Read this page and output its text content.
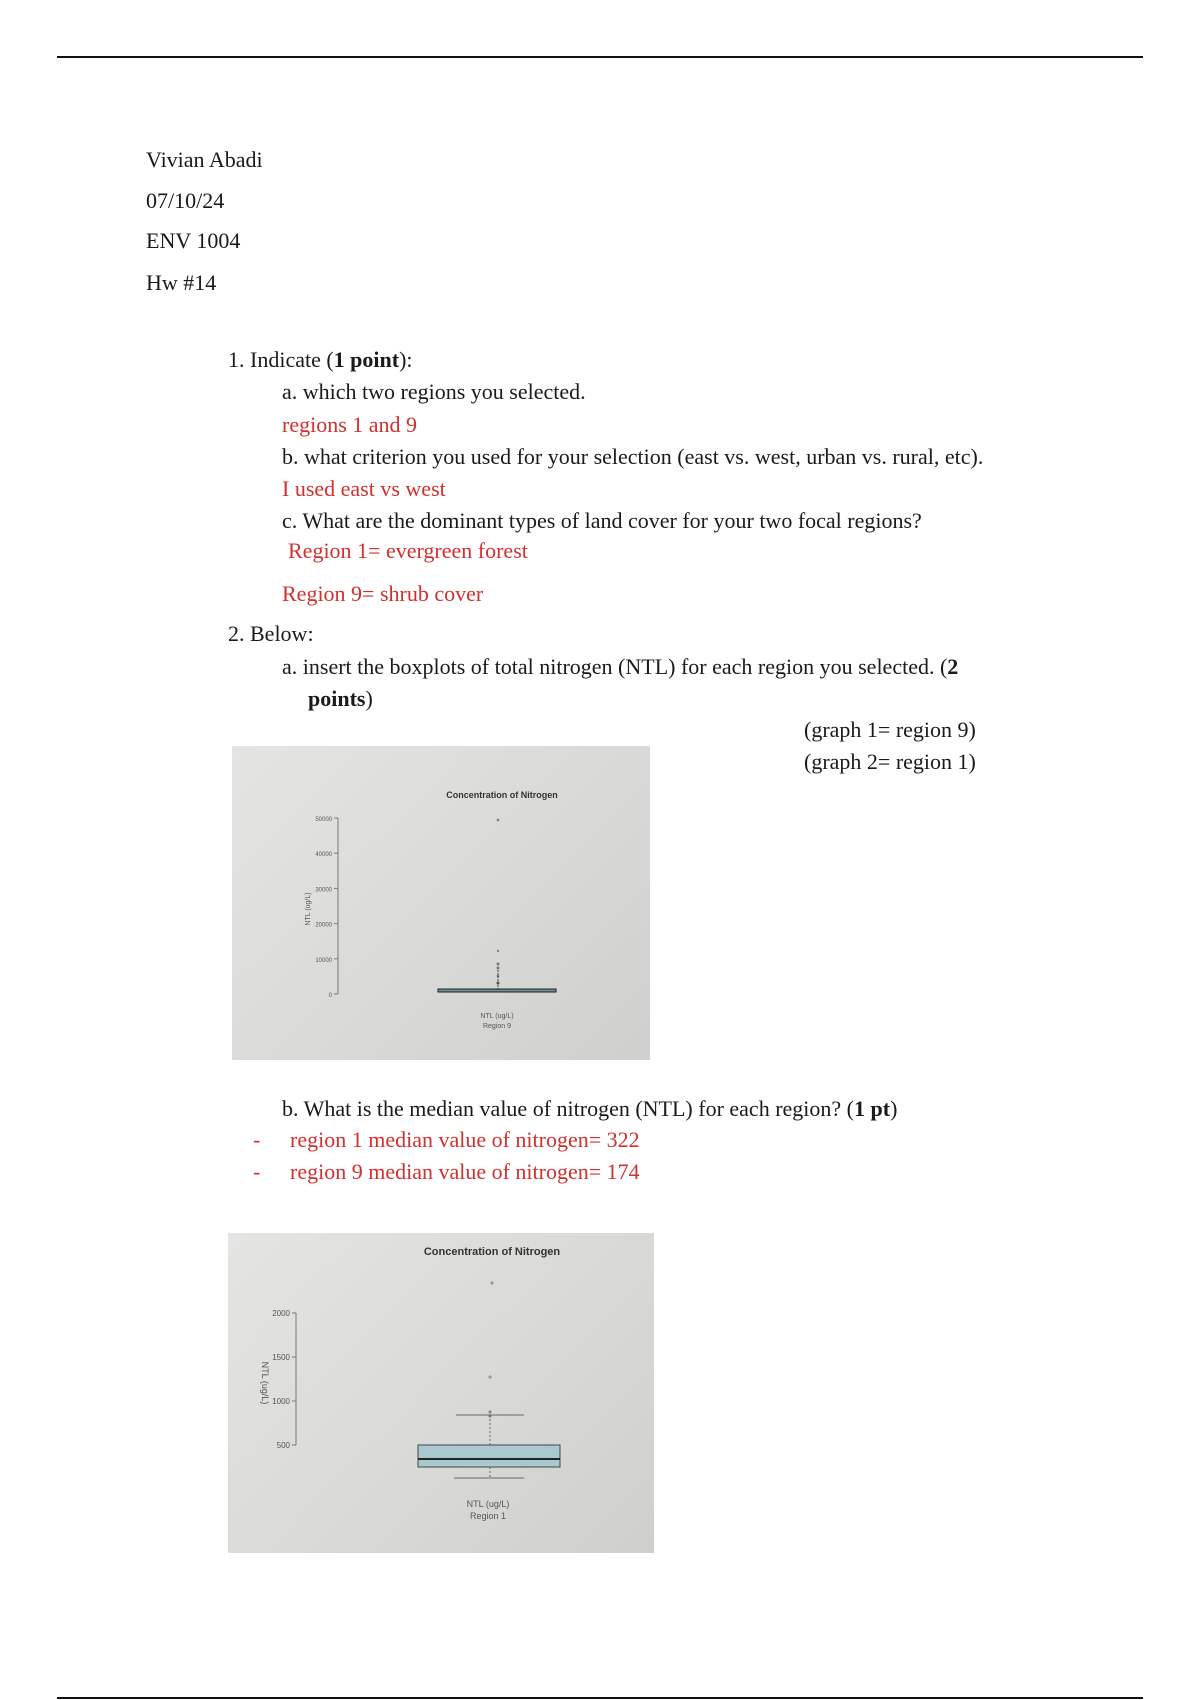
Vivian Abadi
07/10/24
ENV 1004
Hw #14
1. Indicate (1 point):
a. which two regions you selected.
regions 1 and 9
b. what criterion you used for your selection (east vs. west, urban vs. rural, etc).
I used east vs west
c. What are the dominant types of land cover for your two focal regions?
Region 1= evergreen forest
Region 9= shrub cover
2. Below:
a. insert the boxplots of total nitrogen (NTL) for each region you selected. (2
points)
(graph 1= region 9)
(graph 2= region 1)
Concentration of Nitrogen
50000
40000
30000
20000
10000
0
NTL (ug/L)
NTL (ug/L)
Region 9
b. What is the median value of nitrogen (NTL) for each region? (1 pt)
- region 1 median value of nitrogen= 322
- region 9 median value of nitrogen= 174
Concentration of Nitrogen
2000
1500
1000
500
NTL (ug/L)
NTL (ug/L)
Region 1
